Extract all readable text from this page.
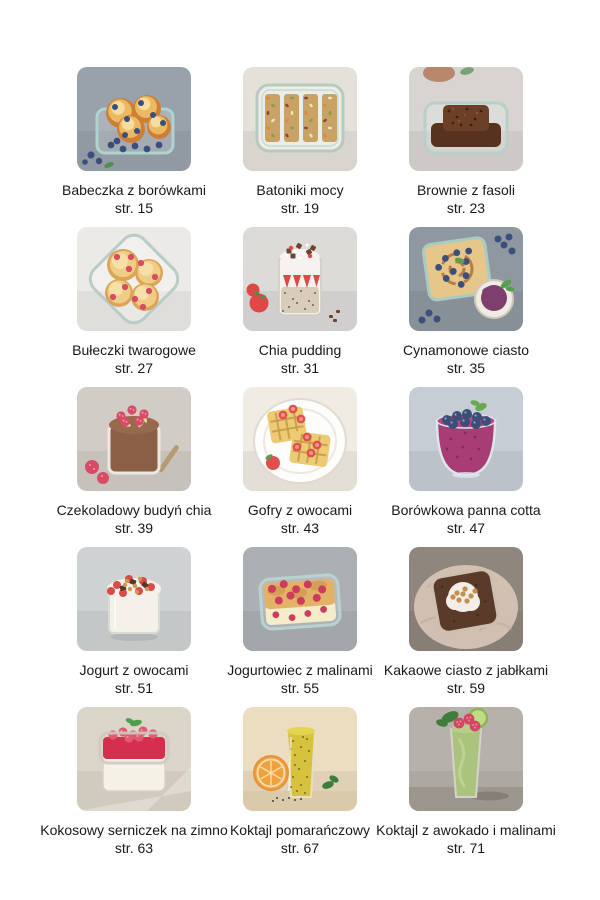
Babeczka z borówkami
str. 15
Batoniki mocy
str. 19
Brownie z fasoli
str. 23
Bułeczki twarogowe
str. 27
Chia pudding
str. 31
Cynamonowe ciasto
str. 35
Czekoladowy budyń chia
str. 39
Gofry z owocami
str. 43
Borówkowa panna cotta
str. 47
Jogurt z owocami
str. 51
Jogurtowiec z malinami
str. 55
Kakaowe ciasto z jabłkami
str. 59
Kokosowy serniczek na zimno
str. 63
Koktajl pomarańczowy
str. 67
Koktajl z awokado i malinami
str. 71
